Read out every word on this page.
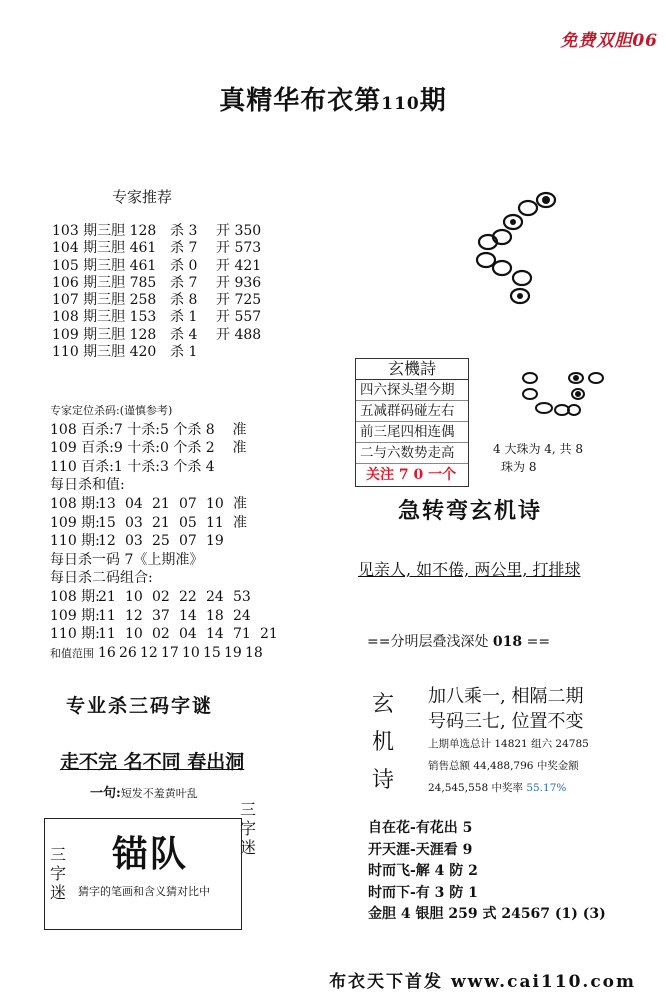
免费双胆06
真精华布衣第110期
专家推荐
103 期三胆 128 杀 3 开 350
104 期三胆 461 杀 7 开 573
105 期三胆 461 杀 0 开 421
106 期三胆 785 杀 7 开 936
107 期三胆 258 杀 8 开 725
108 期三胆 153 杀 1 开 557
109 期三胆 128 杀 4 开 488
110 期三胆 420 杀 1
专家定位杀码:(谨慎参考)
108 百杀:7 十杀:5 个杀 8    准
109 百杀:9 十杀:0 个杀 2    准
110 百杀:1 十杀:3 个杀 4
每日杀和值:
108 期:13 04 21 07 10 准
109 期:15 03 21 05 11 准
110 期:12 03 25 07 19
每日杀一码 7《上期准》
每日杀二码组合:
108 期:21 10 02 22 24 53
109 期:11 12 37 14 18 24
110 期:11 10 02 04 14 71 21
和值范围 16 26 12 17 10 15 19 18
专业杀三码字谜
走不完 名不同 春出洞
一句:短发不羞黄叶乱
三字迷
三字迷
锚队
猜字的笔画和含义猜对比中
4 大珠为 4, 共 8
珠为 8
玄機詩
四六探头望今期
五减群码碰左右
前三尾四相连偶
二与六数势走高
关注 7 0 一个
急转弯玄机诗
见亲人, 如不倦, 两公里, 打排球
==分明层叠浅深处 018 ==
玄
机
诗
加八乘一, 相隔二期
号码三七, 位置不变
上期单选总计 14821 组六 24785
销售总额 44,488,796 中奖金额
24,545,558 中奖率 55.17%
自在花-有花出 5
开天涯-天涯看 9
时而飞-解 4 防 2
时而下-有 3 防 1
金胆 4 银胆 259 式 24567 (1) (3)
布衣天下首发 www.cai110.com
